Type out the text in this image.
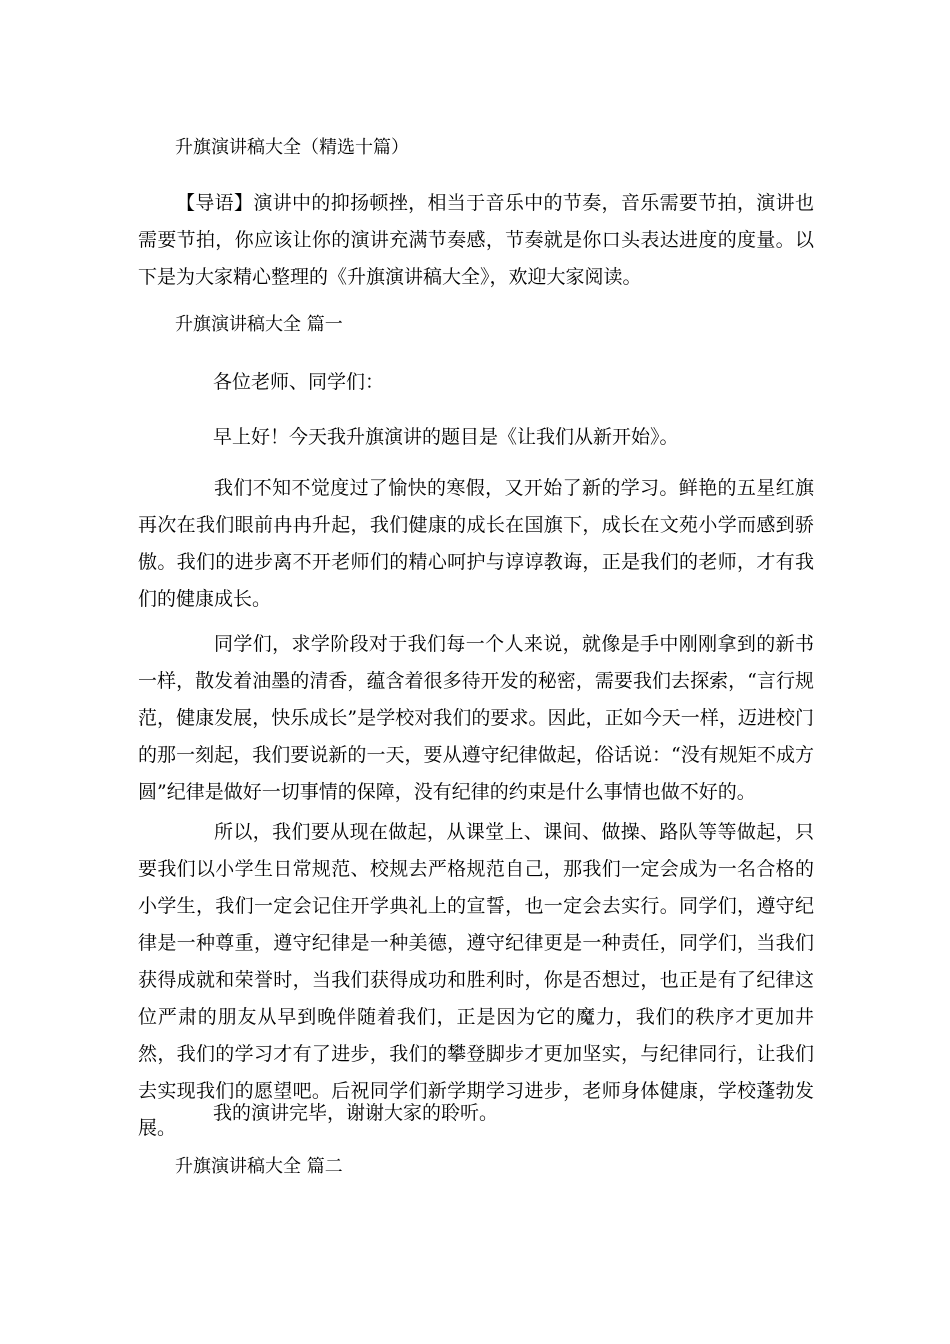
升旗演讲稿大全（精选十篇）

【导语】演讲中的抑扬顿挫，相当于音乐中的节奏，音乐需要节拍，演讲也需要节拍，你应该让你的演讲充满节奏感，节奏就是你口头表达进度的度量。以下是为大家精心整理的《升旗演讲稿大全》，欢迎大家阅读。

升旗演讲稿大全 篇一
各位老师、同学们：
早上好！今天我升旗演讲的题目是《让我们从新开始》。

我们不知不觉度过了愉快的寒假，又开始了新的学习。鲜艳的五星红旗再次在我们眼前冉冉升起，我们健康的成长在国旗下，成长在文苑小学而感到骄傲。我们的进步离不开老师们的精心呵护与谆谆教诲，正是我们的老师，才有我们的健康成长。

同学们，求学阶段对于我们每一个人来说，就像是手中刚刚拿到的新书一样，散发着油墨的清香，蕴含着很多待开发的秘密，需要我们去探索，“言行规范，健康发展，快乐成长”是学校对我们的要求。因此，正如今天一样，迈进校门的那一刻起，我们要说新的一天，要从遵守纪律做起，俗话说：“没有规矩不成方圆”纪律是做好一切事情的保障，没有纪律的约束是什么事情也做不好的。

所以，我们要从现在做起，从课堂上、课间、做操、路队等等做起，只要我们以小学生日常规范、校规去严格规范自己，那我们一定会成为一名合格的小学生，我们一定会记住开学典礼上的宣誓，也一定会去实行。同学们，遵守纪律是一种尊重，遵守纪律是一种美德，遵守纪律更是一种责任，同学们，当我们获得成就和荣誉时，当我们获得成功和胜利时，你是否想过，也正是有了纪律这位严肃的朋友从早到晚伴随着我们，正是因为它的魔力，我们的秩序才更加井然，我们的学习才有了进步，我们的攀登脚步才更加坚实，与纪律同行，让我们去实现我们的愿望吧。后祝同学们新学期学习进步，老师身体健康，学校蓬勃发展。

我的演讲完毕，谢谢大家的聆听。
升旗演讲稿大全 篇二
